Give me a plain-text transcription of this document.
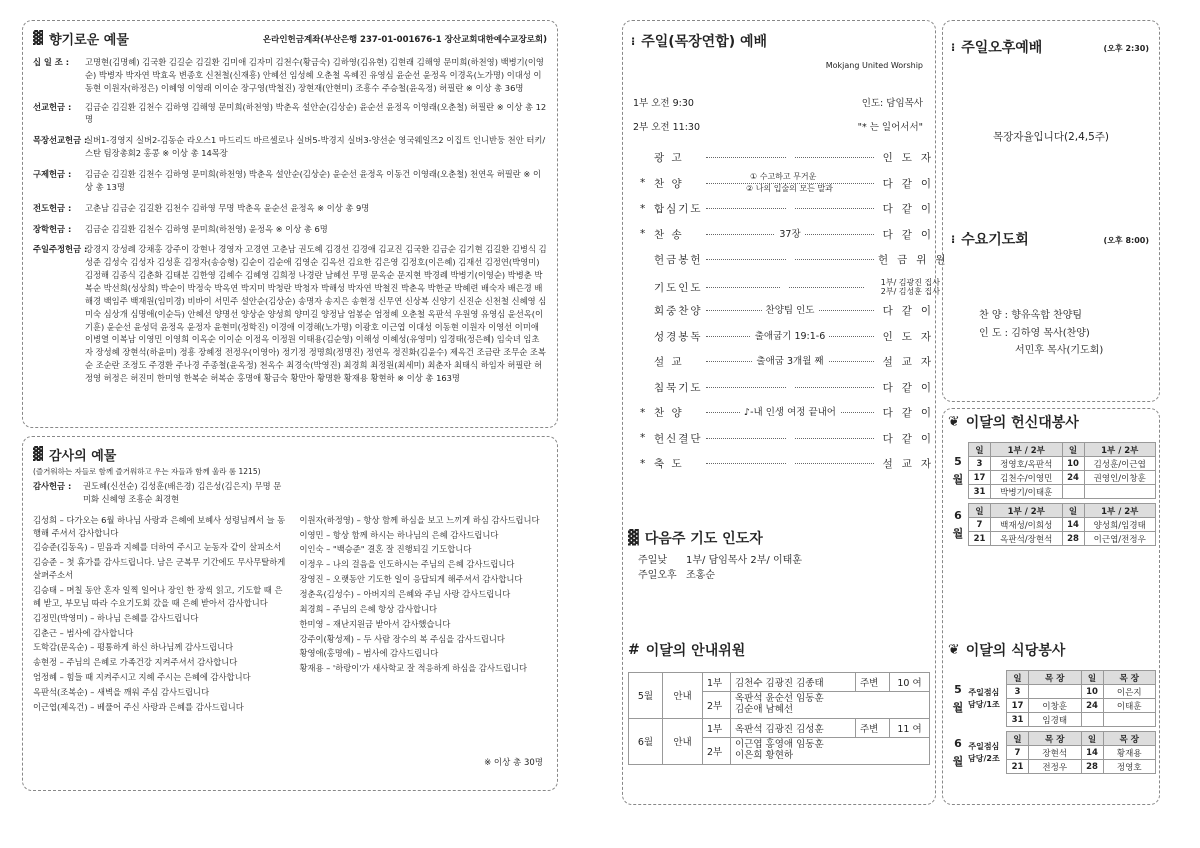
▓ 향기로운 예물	온라인헌금계좌(부산은행 237-01-001676-1 장산교회대한예수교장로회)
십 일 조 :	고명현(김명혜) 김국환 김길순 김길환 김미애 김자미 김천수(황금숙) 김하영(김유현) 김현래 김해영 문미희(하천영) 백병기(이영순) 박병자 박자연 박효옥 변종호 신천철(신재흥) 안혜선 임성혜 오춘철 옥혜진 유영심 윤순선 윤정옥 이경옥(노가명) 이대성 이동현 이원자(하정은) 이혜영 이영래 이이순 장구영(박철진) 장현재(안현미) 조흥수 주승철(윤옥정) 허필란 ※ 이상 총 36명
선교헌금 :	김금순 김길환 김천수 김하영 김해영 문미희(하천영) 박춘옥 설안순(김상순) 윤순선 윤정옥 이영래(오춘철) 허필란 ※ 이상 총 12명
목장선교헌금 :
실버1-경영지 실버2-김동순 라오스1 마드리드 바르셀로나 실버5-박경지 실버3-양선순 영국웨일즈2 이집트 인니반둥 천안 터키/스탄 팀장총회2 홍콩 ※ 이상 총 14목장
구제헌금 :	김금순 김길환 김천수 김하영 문미희(하천영) 박춘옥 설안순(김상순) 윤순선 윤정옥 이동건 이영래(오춘철) 천연옥 허필란 ※ 이상 총 13명
전도헌금 :	고춘남 김금순 김길환 김천수 김하영 무명 박춘옥 윤순선 윤정옥 ※ 이상 총 9명
장학헌금 :	김금순 김길환 김천수 김하영 문미희(하천영) 윤정옥 ※ 이상 총 6명
주일주정헌금 :
강경지 강성례 강채홍 강주이 강현나 경영자 고경연 고춘남 권도혜 김경선 김경애 김교진 김국환 김금순 김기현 김길환 김병식 김성준 김성숙 김성자 김성훈 김정자(송승형) 김순이 김순애 김영순 김옥선 김요한 김은영 김정호(이은혜) 김재선 김정연(박영미) 김정해 김종식 김춘화 김태분 김한영 김혜수 김혜영 김희정 나경란 남혜선 무명 문옥순 문지현 박경례 박병기(이영순) 박병춘 박복순 박선희(성상희) 박순이 박정숙 박옥연 박지미 박청란 박청자 박해성 박자연 박철진 박춘옥 박한균 박혜련 배숙자 배은경 배해경 백임주 백재원(임미경) 비바이 서민주 설안순(김상순) 송명자 송지은 송현정 신무연 신상복 신양기 신진순 신천철 신혜영 심미숙 심상개 심명애(이순득) 안혜선 양명선 양상순 양성희 양미길 양정남 엄봉순 엄정혜 오춘철 옥판석 우원영 유영심 윤선옥(이기훈) 윤순선 윤성덕 윤정옥 윤정자 윤현미(정학진) 이경애 이경해(노가명) 이광호 이근엽 이대성 이동현 이원자 이영선 이미애 이병열 이복남 이영민 이영희 이옥순 이이순 이정옥 이정원 이태용(김순영) 이해성 이혜성(유영미) 임경태(정은혜) 임숙녀 임초자 장성혜 장현석(하윤미) 정흥 장혜정 전정우(이영아) 정기정 정명희(정명진) 정연옥 정진화(김윤수) 제옥건 조금란 조무순 조복순 조순란 조정도 주경환 주나경 주종철(윤옥정) 천옥수 최경숙(박영진) 최경희 최정원(최세미) 최춘자 최태식 하임자 허필란 허정영 허정은 허진미 한미영 한복순 허복순 홍명애 황금숙 황만아 황명환 황재용 황현하 ※ 이상 총 163명
▓ 감사의 예물
(즐거워하는 자들로 함께 즐거워하고 우는 자들과 함께 울라 롬 1215)
감사헌금 :	권도혜(신선순) 김성훈(배은경) 김은성(김은지) 무명 문미화 신혜영 조흥순 최경현
김성희 – 다가오는 6월 하나님 사랑과 은혜에 보혜사 성령님께서 늘 동행해 주셔서 감사합니다
김승준(김동옥) – 믿음과 지혜를 더하여 주시고 눈동자 같이 살피소서
김승준 – 첫 휴가를 감사드립니다. 남은 군복무 기간에도 무사무탈하게 살펴주소서
김승태 – 며칠 동안 혼자 일찍 일어나 장인 한 장씩 읽고, 기도할 때 은혜 받고, 부모님 따라 수요기도회 갔을 때 은혜 받아서 감사합니다
김정민(박영미) – 하나님 은혜를 감사드립니다
김춘근 – 범사에 감사합니다
도학감(문옥순) – 평통하게 하신 하나님께 감사드립니다
송현정 – 주님의 은혜로 가족건강 지켜주셔서 감사합니다
엄정혜 – 힘들 때 지켜주시고 지혜 주시는 은혜에 감사합니다
옥판석(조복순) – 새벽을 깨워 주심 감사드립니다
이근엽(제옥건) – 베풀어 주신 사랑과 은혜를 감사드립니다
이원자(하정영) – 항상 함께 하심을 보고 느끼게 하심 감사드립니다
이영민 – 항상 함께 하시는 하나님의 은혜 감사드립니다
이인숙 – "백승준" 결혼 잘 진행되길 기도합니다
이정우 – 나의 걸음을 인도하시는 주님의 은혜 감사드립니다
장영진 – 오랫동안 기도한 일이 응답되게 해주셔서 감사합니다
정춘옥(김성수) – 아버지의 은혜와 주님 사랑 감사드립니다
최경희 – 주님의 은혜 항상 감사합니다
한미영 – 재난지원금 받아서 감사했습니다
강주이(황성제) – 두 사람 장수의 복 주심을 감사드립니다
황영애(홍명애) – 범사에 감사드립니다
황재용 – '하랑이'가 새사학교 잘 적응하게 하심을 감사드립니다
※ 이상 총 30명
⁝ 주일(목장연합) 예배
Mokjang United Worship
1부 오전 9:30	인도: 담임목사
2부 오전 11:30	"* 는 일어서서"
광 고	인도자
* 찬 양
① 수고하고 무거운
② 나의 입술의 모든 말과	다같이
* 합심기도	다같이
* 찬 송	37장	다같이
헌금봉헌	헌금위원
기도인도	1부/ 김광진 집사
2부/ 김성훈 집사
회중찬양	찬양팀 인도	다같이
성경봉독	출애굽기 19:1-6	인도자
설 교	출애굽 3개월 째	설교자
침묵기도	다같이
* 찬 양	♪-내 인생 여정 끝내어	다같이
* 헌신결단	다같이
* 축 도	설교자
▓ 다음주 기도 인도자
주일낮 1부/ 담임목사 2부/ 이태훈
주일오후 조홍순
# 이달의 안내위원
5월	안내	1부	김천수 김광진 김종태	주변	10 여
		2부	옥판석 윤순선 임동훈
김순애 남혜선		
6월	안내	1부	옥판석 김광진 김성훈	주변	11 여
		2부	이근엽 홍영애 임동훈
이은희 황현하		
⁝ 주일오후예배	(오후 2:30)
목장자율입니다(2,4,5주)
⁝ 수요기도회	(오후 8:00)
찬 양 : 향유옥합 찬양팀
인 도 : 김하영 목사(찬양)
서민후 목사(기도회)
❦ 이달의 헌신대봉사
5
월
일	1부 / 2부	일	1부 / 2부
3	정영호/옥판석	10	김성훈/이근엽
17	김천수/이영민	24	권영인/이창훈
31	박병기/이태훈		
6
월
일	1부 / 2부	일	1부 / 2부
7	백재성/이희성	14	양성희/임경태
21	옥판석/장현석	28	이근엽/전정우
❦ 이달의 식당봉사
5
월
주일점심
담당/1조
일	목 장	일	목 장
3		10	이은지
17	이창훈	24	이태훈
31	임경태		
6
월
주일점심
담당/2조
일	목 장	일	목 장
7	장현석	14	황재용
21	전정우	28	정영호
